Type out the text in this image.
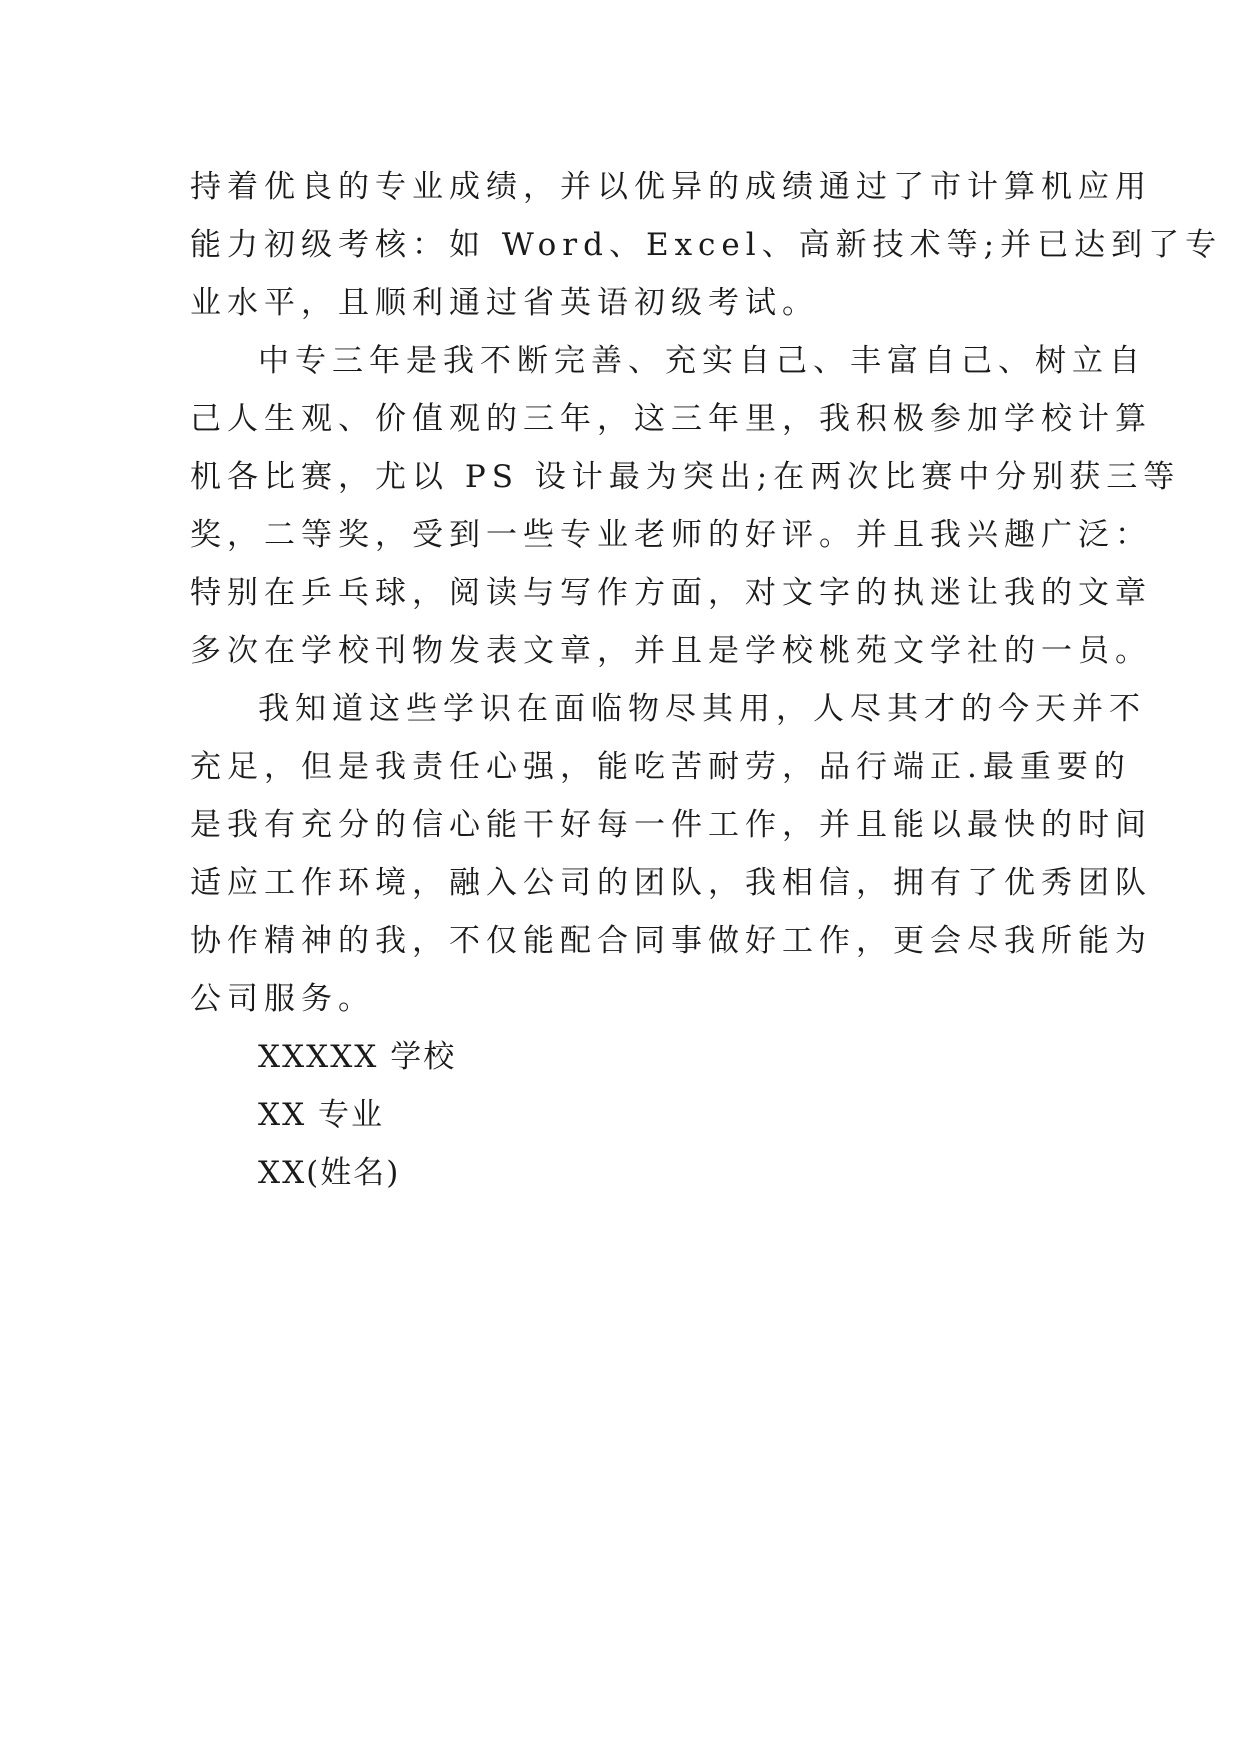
持着优良的专业成绩，并以优异的成绩通过了市计算机应用
能力初级考核：如 Word、Excel、高新技术等;并已达到了专
业水平，且顺利通过省英语初级考试。
中专三年是我不断完善、充实自己、丰富自己、树立自
己人生观、价值观的三年，这三年里，我积极参加学校计算
机各比赛，尤以 PS 设计最为突出;在两次比赛中分别获三等
奖，二等奖，受到一些专业老师的好评。并且我兴趣广泛：
特别在乒乓球，阅读与写作方面，对文字的执迷让我的文章
多次在学校刊物发表文章，并且是学校桃苑文学社的一员。
我知道这些学识在面临物尽其用，人尽其才的今天并不
充足，但是我责任心强，能吃苦耐劳，品行端正.最重要的
是我有充分的信心能干好每一件工作，并且能以最快的时间
适应工作环境，融入公司的团队，我相信，拥有了优秀团队
协作精神的我，不仅能配合同事做好工作，更会尽我所能为
公司服务。
XXXXX 学校
XX 专业
XX(姓名)
